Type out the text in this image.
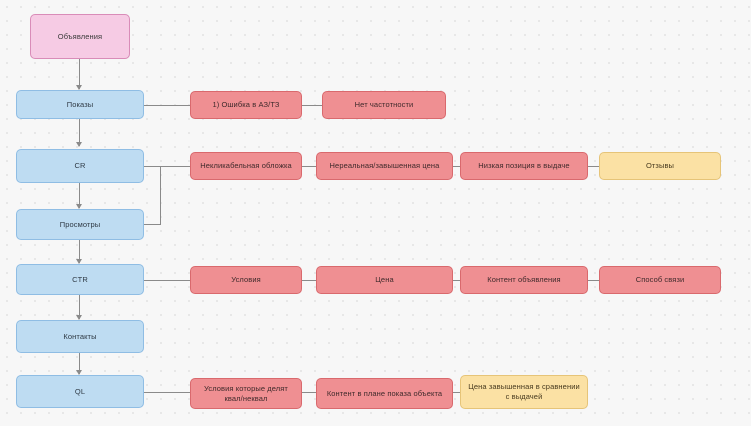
Объявления
Показы
CR
Просмотры
CTR
Контакты
QL
1) Ошибка в АЗ/ТЗ	Нет частотности
Некликабельная обложка	Нереальная/завышенная цена	Низкая позиция в выдаче	Отзывы
Условия	Цена	Контент объявления	Способ связи
Условия которые делят квал/неквал
Контент в плане показа объекта
Цена завышенная в сравнении с выдачей
